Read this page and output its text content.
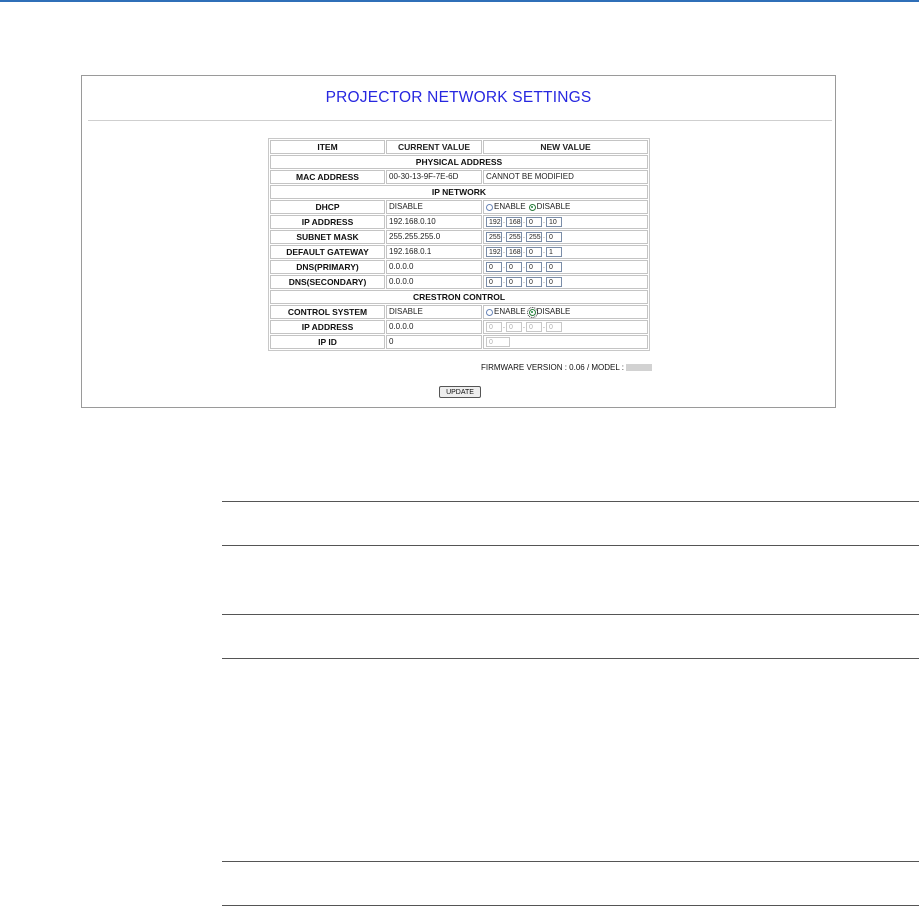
PROJECTOR NETWORK SETTINGS
ITEM	CURRENT VALUE	NEW VALUE
PHYSICAL ADDRESS		
MAC ADDRESS	00-30-13-9F-7E-6D	CANNOT BE MODIFIED
IP NETWORK		
DHCP	DISABLE	ENABLE DISABLE
IP ADDRESS	192.168.0.10	192 . 168 . 0 . 10
SUBNET MASK	255.255.255.0	255 . 255 . 255 . 0
DEFAULT GATEWAY	192.168.0.1	192 . 168 . 0 . 1
DNS(PRIMARY)	0.0.0.0	0 . 0 . 0 . 0
DNS(SECONDARY)	0.0.0.0	0 . 0 . 0 . 0
CRESTRON CONTROL		
CONTROL SYSTEM	DISABLE	ENABLE DISABLE
IP ADDRESS	0.0.0.0	0 . 0 . 0 . 0
IP ID	0	0
FIRMWARE VERSION : 0.06 / MODEL :
UPDATE
